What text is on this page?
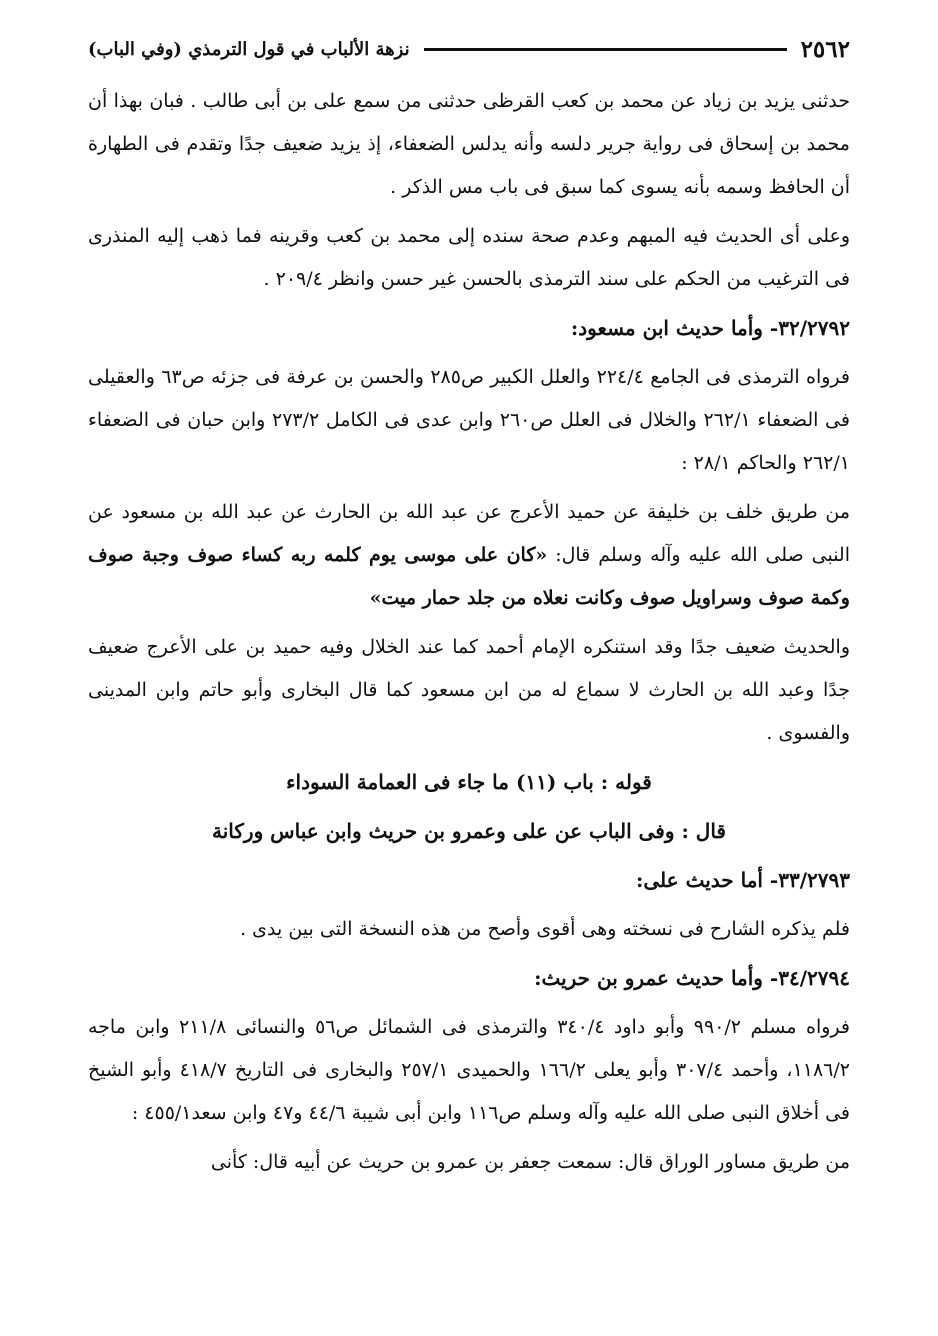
٢٥٦٢
نزهة الألباب في قول الترمذي (وفي الباب)

حدثنى يزيد بن زياد عن محمد بن كعب القرظى حدثنى من سمع على بن أبى طالب . فبان بهذا أن محمد بن إسحاق فى رواية جرير دلسه وأنه يدلس الضعفاء، إذ يزيد ضعيف جدًا وتقدم فى الطهارة أن الحافظ وسمه بأنه يسوى كما سبق فى باب مس الذكر .

وعلى أى الحديث فيه المبهم وعدم صحة سنده إلى محمد بن كعب وقرينه فما ذهب إليه المنذرى فى الترغيب من الحكم على سند الترمذى بالحسن غير حسن وانظر ٢٠٩/٤ .

٣٢/٢٧٩٢- وأما حديث ابن مسعود:

فرواه الترمذى فى الجامع ٢٢٤/٤ والعلل الكبير ص٢٨٥ والحسن بن عرفة فى جزئه ص٦٣ والعقيلى فى الضعفاء ٢٦٢/١ والخلال فى العلل ص٢٦٠ وابن عدى فى الكامل ٢٧٣/٢ وابن حبان فى الضعفاء ٢٦٢/١ والحاكم ٢٨/١ :

من طريق خلف بن خليفة عن حميد الأعرج عن عبد الله بن الحارث عن عبد الله بن مسعود عن النبى صلى الله عليه وآله وسلم قال: «كان على موسى يوم كلمه ربه كساء صوف وجبة صوف وكمة صوف وسراويل صوف وكانت نعلاه من جلد حمار ميت»

والحديث ضعيف جدًا وقد استنكره الإمام أحمد كما عند الخلال وفيه حميد بن على الأعرج ضعيف جدًا وعبد الله بن الحارث لا سماع له من ابن مسعود كما قال البخارى وأبو حاتم وابن المدينى والفسوى .

قوله : باب (١١) ما جاء فى العمامة السوداء

قال : وفى الباب عن على وعمرو بن حريث وابن عباس وركانة

٣٣/٢٧٩٣- أما حديث على:

فلم يذكره الشارح فى نسخته وهى أقوى وأصح من هذه النسخة التى بين يدى .

٣٤/٢٧٩٤- وأما حديث عمرو بن حريث:

فرواه مسلم ٩٩٠/٢ وأبو داود ٣٤٠/٤ والترمذى فى الشمائل ص٥٦ والنسائى ٢١١/٨ وابن ماجه ١١٨٦/٢، وأحمد ٣٠٧/٤ وأبو يعلى ١٦٦/٢ والحميدى ٢٥٧/١ والبخارى فى التاريخ ٤١٨/٧ وأبو الشيخ فى أخلاق النبى صلى الله عليه وآله وسلم ص١١٦ وابن أبى شيبة ٤٤/٦ و٤٧ وابن سعد٤٥٥/١ :

من طريق مساور الوراق قال: سمعت جعفر بن عمرو بن حريث عن أبيه قال: كأنى
